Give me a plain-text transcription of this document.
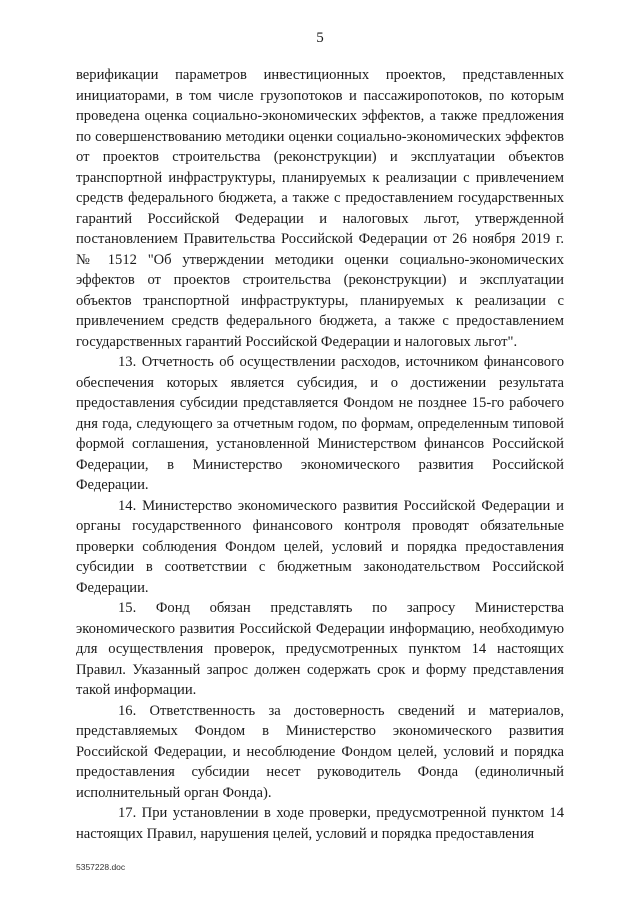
5

верификации параметров инвестиционных проектов, представленных инициаторами, в том числе грузопотоков и пассажиропотоков, по которым проведена оценка социально-экономических эффектов, а также предложения по совершенствованию методики оценки социально-экономических эффектов от проектов строительства (реконструкции) и эксплуатации объектов транспортной инфраструктуры, планируемых к реализации с привлечением средств федерального бюджета, а также с предоставлением государственных гарантий Российской Федерации и налоговых льгот, утвержденной постановлением Правительства Российской Федерации от 26 ноября 2019 г. № 1512 "Об утверждении методики оценки социально-экономических эффектов от проектов строительства (реконструкции) и эксплуатации объектов транспортной инфраструктуры, планируемых к реализации с привлечением средств федерального бюджета, а также с предоставлением государственных гарантий Российской Федерации и налоговых льгот".

13. Отчетность об осуществлении расходов, источником финансового обеспечения которых является субсидия, и о достижении результата предоставления субсидии представляется Фондом не позднее 15-го рабочего дня года, следующего за отчетным годом, по формам, определенным типовой формой соглашения, установленной Министерством финансов Российской Федерации, в Министерство экономического развития Российской Федерации.

14. Министерство экономического развития Российской Федерации и органы государственного финансового контроля проводят обязательные проверки соблюдения Фондом целей, условий и порядка предоставления субсидии в соответствии с бюджетным законодательством Российской Федерации.

15. Фонд обязан представлять по запросу Министерства экономического развития Российской Федерации информацию, необходимую для осуществления проверок, предусмотренных пунктом 14 настоящих Правил. Указанный запрос должен содержать срок и форму представления такой информации.

16. Ответственность за достоверность сведений и материалов, представляемых Фондом в Министерство экономического развития Российской Федерации, и несоблюдение Фондом целей, условий и порядка предоставления субсидии несет руководитель Фонда (единоличный исполнительный орган Фонда).

17. При установлении в ходе проверки, предусмотренной пунктом 14 настоящих Правил, нарушения целей, условий и порядка предоставления

5357228.doc
